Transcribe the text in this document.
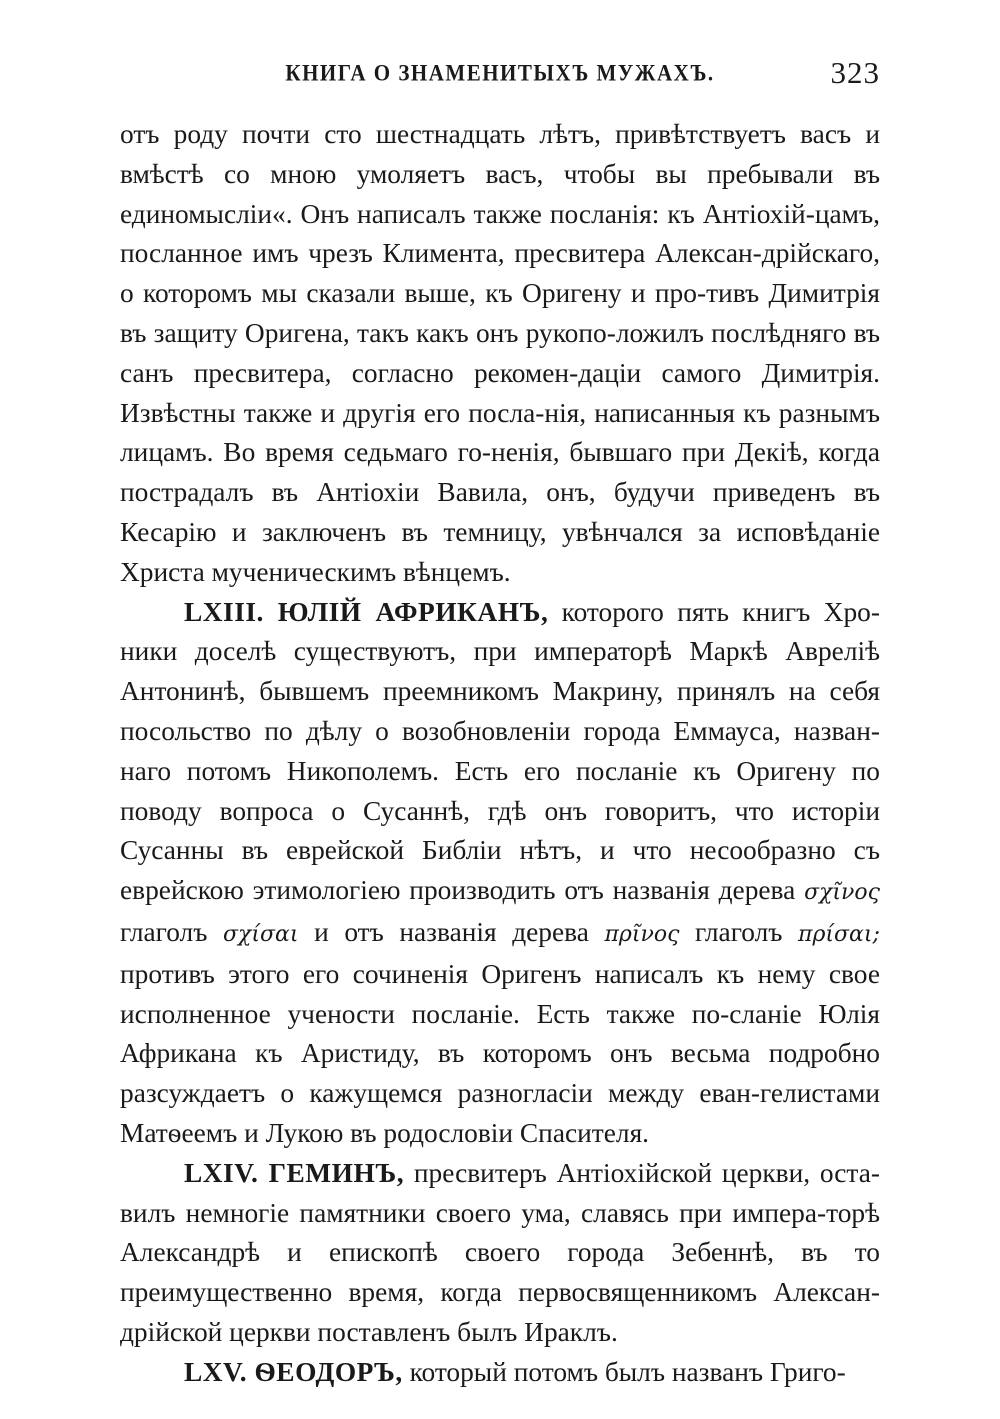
КНИГА О ЗНАМЕНИТЫХЪ МУЖАХЪ.	323

отъ роду почти сто шестнадцать лѣтъ, привѣтствуетъ васъ и вмѣстѣ со мною умоляетъ васъ, чтобы вы пребывали въ единомысліи«. Онъ написалъ также посланія: къ Антіохій-цамъ, посланное имъ чрезъ Климента, пресвитера Алексан-дрійскаго, о которомъ мы сказали выше, къ Оригену и про-тивъ Димитрія въ защиту Оригена, такъ какъ онъ рукопо-ложилъ послѣдняго въ санъ пресвитера, согласно рекомен-даціи самого Димитрія. Извѣстны также и другія его посла-нія, написанныя къ разнымъ лицамъ. Во время седьмаго го-ненія, бывшаго при Декіѣ, когда пострадалъ въ Антіохіи Вавила, онъ, будучи приведенъ въ Кесарію и заключенъ въ темницу, увѣнчался за исповѣданіе Христа мученическимъ вѣнцемъ.

LXIII. ЮЛІЙ АФРИКАНЪ, которого пять книгъ Хро-ники доселѣ существуютъ, при императорѣ Маркѣ Аврелiѣ Антонинѣ, бывшемъ преемникомъ Макрину, принялъ на себя посольство по дѣлу о возобновленіи города Еммауса, назван-наго потомъ Никополемъ. Есть его посланіе къ Оригену по поводу вопроса о Сусаннѣ, гдѣ онъ говоритъ, что исторіи Сусанны въ еврейской Библіи нѣтъ, и что несообразно съ еврейскою этимологіею производить отъ названія дерева σχῖνος глаголъ σχίσαι и отъ названія дерева πρῖνος глаголъ πρίσαι; противъ этого его сочиненія Оригенъ написалъ къ нему свое исполненное учености посланіе. Есть также по-сланіе Юлія Африкана къ Аристиду, въ которомъ онъ весьма подробно разсуждаетъ о кажущемся разногласіи между еван-гелистами Матѳеемъ и Лукою въ родословіи Спасителя.

LXIV. ГЕМИНЪ, пресвитеръ Антіохійской церкви, оста-вилъ немногіе памятники своего ума, славясь при импера-торѣ Александрѣ и епископѣ своего города Зебеннѣ, въ то преимущественно время, когда первосвященникомъ Алексан-дрійской церкви поставленъ былъ Ираклъ.

LXV. ѲЕОДОРЪ, который потомъ былъ названъ Григо-
